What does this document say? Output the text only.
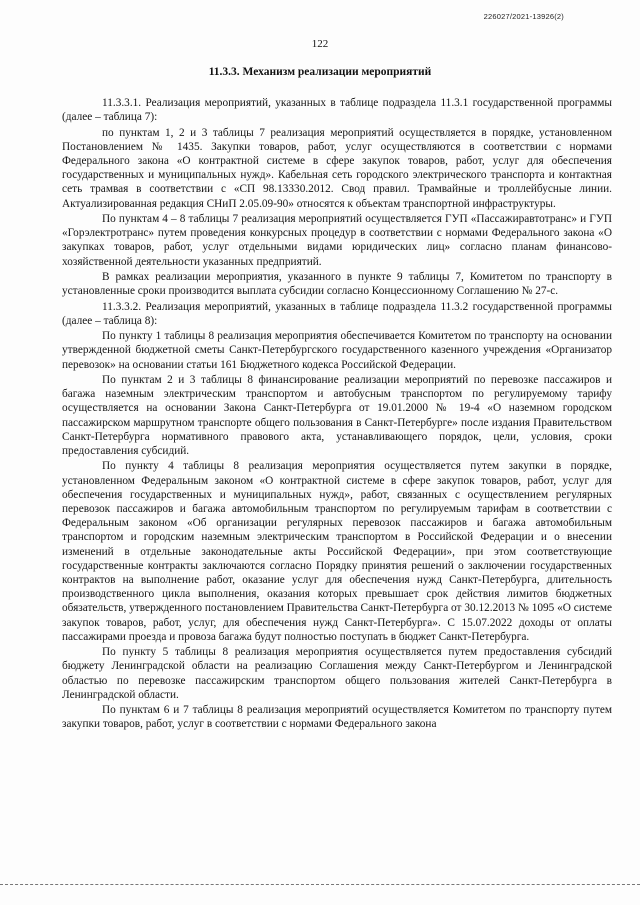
226027/2021-13926(2)
122
11.3.3. Механизм реализации мероприятий

11.3.3.1. Реализация мероприятий, указанных в таблице подраздела 11.3.1 государственной программы (далее – таблица 7):

по пунктам 1, 2 и 3 таблицы 7 реализация мероприятий осуществляется в порядке, установленном Постановлением № 1435. Закупки товаров, работ, услуг осуществляются в соответствии с нормами Федерального закона «О контрактной системе в сфере закупок товаров, работ, услуг для обеспечения государственных и муниципальных нужд». Кабельная сеть городского электрического транспорта и контактная сеть трамвая в соответствии с «СП 98.13330.2012. Свод правил. Трамвайные и троллейбусные линии. Актуализированная редакция СНиП 2.05.09-90» относятся к объектам транспортной инфраструктуры.

По пунктам 4 – 8 таблицы 7 реализация мероприятий осуществляется ГУП «Пассажиравтотранс» и ГУП «Горэлектротранс» путем проведения конкурсных процедур в соответствии с нормами Федерального закона «О закупках товаров, работ, услуг отдельными видами юридических лиц» согласно планам финансово-хозяйственной деятельности указанных предприятий.

В рамках реализации мероприятия, указанного в пункте 9 таблицы 7, Комитетом по транспорту в установленные сроки производится выплата субсидии согласно Концессионному Соглашению № 27-с.

11.3.3.2. Реализация мероприятий, указанных в таблице подраздела 11.3.2 государственной программы (далее – таблица 8):

По пункту 1 таблицы 8 реализация мероприятия обеспечивается Комитетом по транспорту на основании утвержденной бюджетной сметы Санкт-Петербургского государственного казенного учреждения «Организатор перевозок» на основании статьи 161 Бюджетного кодекса Российской Федерации.

По пунктам 2 и 3 таблицы 8 финансирование реализации мероприятий по перевозке пассажиров и багажа наземным электрическим транспортом и автобусным транспортом по регулируемому тарифу осуществляется на основании Закона Санкт-Петербурга от 19.01.2000 № 19-4 «О наземном городском пассажирском маршрутном транспорте общего пользования в Санкт-Петербурге» после издания Правительством Санкт-Петербурга нормативного правового акта, устанавливающего порядок, цели, условия, сроки предоставления субсидий.

По пункту 4 таблицы 8 реализация мероприятия осуществляется путем закупки в порядке, установленном Федеральным законом «О контрактной системе в сфере закупок товаров, работ, услуг для обеспечения государственных и муниципальных нужд», работ, связанных с осуществлением регулярных перевозок пассажиров и багажа автомобильным транспортом по регулируемым тарифам в соответствии с Федеральным законом «Об организации регулярных перевозок пассажиров и багажа автомобильным транспортом и городским наземным электрическим транспортом в Российской Федерации и о внесении изменений в отдельные законодательные акты Российской Федерации», при этом соответствующие государственные контракты заключаются согласно Порядку принятия решений о заключении государственных контрактов на выполнение работ, оказание услуг для обеспечения нужд Санкт-Петербурга, длительность производственного цикла выполнения, оказания которых превышает срок действия лимитов бюджетных обязательств, утвержденного постановлением Правительства Санкт-Петербурга от 30.12.2013 № 1095 «О системе закупок товаров, работ, услуг, для обеспечения нужд Санкт-Петербурга». С 15.07.2022 доходы от оплаты пассажирами проезда и провоза багажа будут полностью поступать в бюджет Санкт-Петербурга.

По пункту 5 таблицы 8 реализация мероприятия осуществляется путем предоставления субсидий бюджету Ленинградской области на реализацию Соглашения между Санкт-Петербургом и Ленинградской областью по перевозке пассажирским транспортом общего пользования жителей Санкт-Петербурга в Ленинградской области.

По пунктам 6 и 7 таблицы 8 реализация мероприятий осуществляется Комитетом по транспорту путем закупки товаров, работ, услуг в соответствии с нормами Федерального закона
